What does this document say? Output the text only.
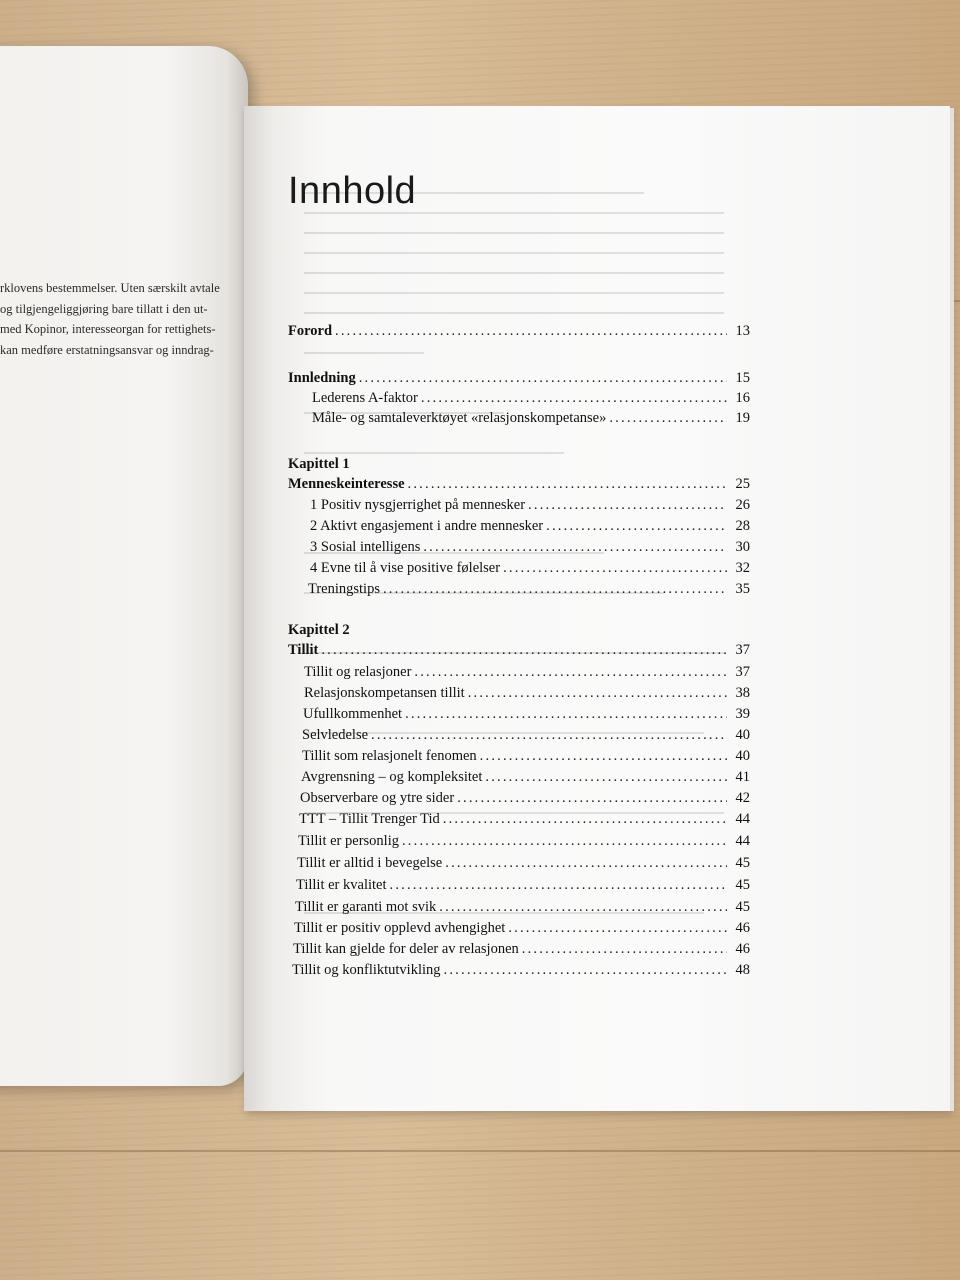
rklovens bestemmelser. Uten særskilt avtale

og tilgjengeliggjøring bare tillatt i den ut-

med Kopinor, interesseorgan for rettighets-

kan medføre erstatningsansvar og inndrag-

Innhold
Forord .....	13
Innledning .....	15
Lederens A-faktor .....	16
Måle- og samtaleverktøyet «relasjonskompetanse» .....	19
Kapittel 1
Menneskeinteresse .....	25
1 Positiv nysgjerrighet på mennesker .....	26
2 Aktivt engasjement i andre mennesker .....	28
3 Sosial intelligens .....	30
4 Evne til å vise positive følelser .....	32
Treningstips .....	35
Kapittel 2
Tillit .....	37
Tillit og relasjoner .....	37
Relasjonskompetansen tillit .....	38
Ufullkommenhet .....	39
Selvledelse .....	40
Tillit som relasjonelt fenomen .....	40
Avgrensning – og kompleksitet .....	41
Observerbare og ytre sider .....	42
TTT – Tillit Trenger Tid .....	44
Tillit er personlig .....	44
Tillit er alltid i bevegelse .....	45
Tillit er kvalitet .....	45
Tillit er garanti mot svik .....	45
Tillit er positiv opplevd avhengighet .....	46
Tillit kan gjelde for deler av relasjonen .....	46
Tillit og konfliktutvikling .....	48
